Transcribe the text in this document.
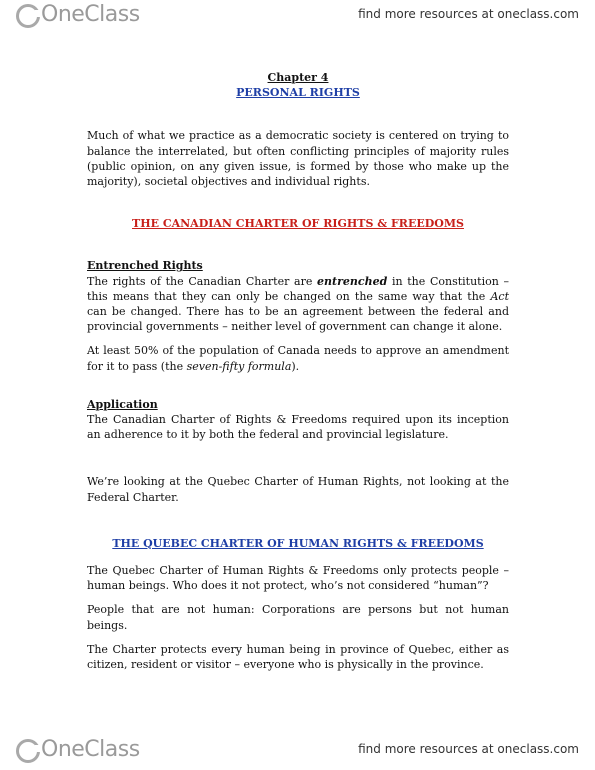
OneClass	find more resources at oneclass.com
Chapter 4
PERSONAL RIGHTS

Much of what we practice as a democratic society is centered on trying to balance the interrelated, but often conflicting principles of majority rules (public opinion, on any given issue, is formed by those who make up the majority), societal objectives and individual rights.

THE CANADIAN CHARTER OF RIGHTS & FREEDOMS
Entrenched Rights

The rights of the Canadian Charter are entrenched in the Constitution – this means that they can only be changed on the same way that the Act can be changed. There has to be an agreement between the federal and provincial governments – neither level of government can change it alone.

At least 50% of the population of Canada needs to approve an amendment for it to pass (the seven-fifty formula).

Application

The Canadian Charter of Rights & Freedoms required upon its inception an adherence to it by both the federal and provincial legislature.

We’re looking at the Quebec Charter of Human Rights, not looking at the Federal Charter.

THE QUEBEC CHARTER OF HUMAN RIGHTS & FREEDOMS

The Quebec Charter of Human Rights & Freedoms only protects people – human beings. Who does it not protect, who’s not considered “human”?

People that are not human: Corporations are persons but not human beings.

The Charter protects every human being in province of Quebec, either as citizen, resident or visitor – everyone who is physically in the province.

OneClass	find more resources at oneclass.com
